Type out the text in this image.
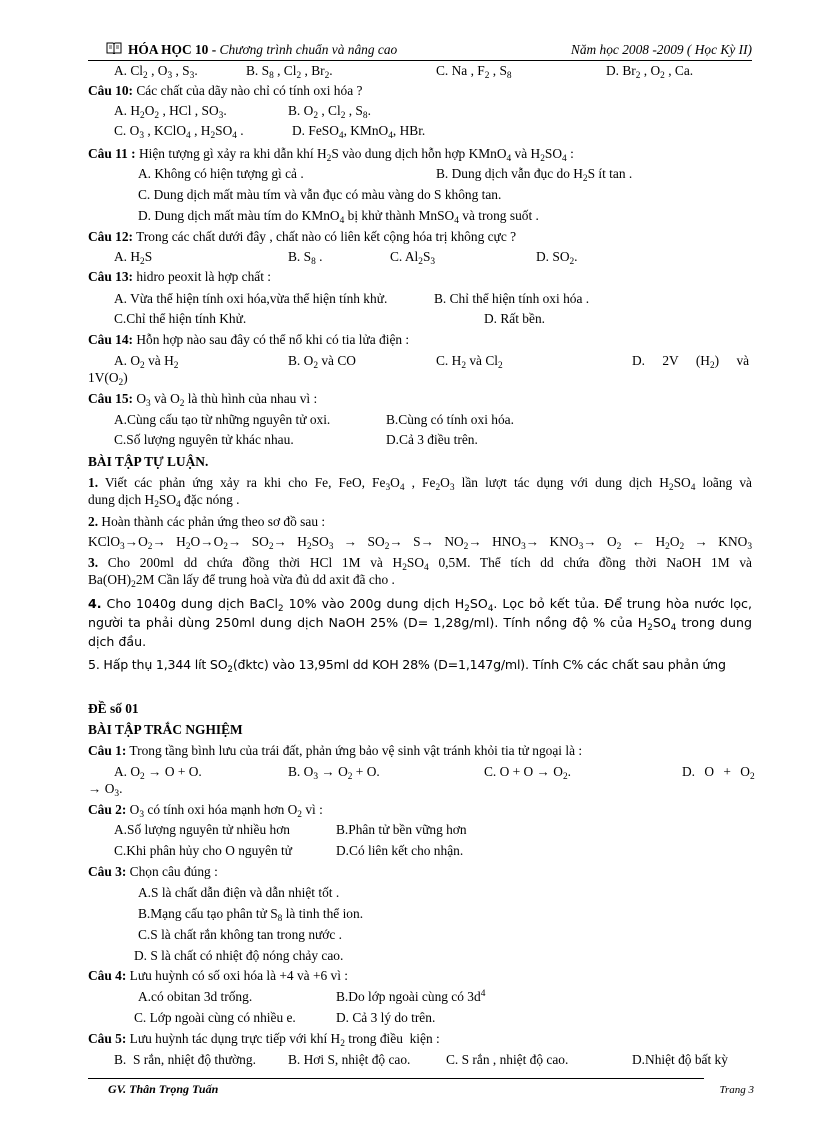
HÓA HỌC 10 - Chương trình chuẩn và nâng cao	Năm học 2008 -2009 ( Học Kỳ II)
A. $Cl_2$ , $O_3$ , $S_3$.	B. $S_8$ , $Cl_2$ , $Br_2$.	C. Na , $F_2$ , $S_8$	D. $Br_2$ , $O_2$ , Ca.
Câu 10: Các chất của dãy nào chỉ có tính oxi hóa ?
A. $H_2O_2$ , HCl , $SO_3$.	B. $O_2$ , $Cl_2$ , $S_8$.
C. $O_3$ , KClO$_4$ , $H_2SO_4$ .	D. FeSO$_4$, KMnO$_4$, HBr.
Câu 11 : Hiện tượng gì xảy ra khi dẫn khí $H_2S$ vào dung dịch hỗn hợp KMnO$_4$ và $H_2SO_4$ :
A. Không có hiện tượng gì cả .	B. Dung dịch vẫn đục do $H_2S$ ít tan .
C. Dung dịch mất màu tím và vẫn đục có màu vàng do S không tan.
D. Dung dịch mất màu tím do KMnO$_4$ bị khử thành MnSO$_4$ và trong suốt .
Câu 12: Trong các chất dưới đây , chất nào có liên kết cộng hóa trị không cực ?
A. $H_2S$	B. $S_8$ .	C. $Al_2S_3$	D. $SO_2$.
Câu 13: hidro peoxit là hợp chất :
A. Vừa thể hiện tính oxi hóa,vừa thể hiện tính khử.	B. Chỉ thể hiện tính oxi hóa .
C.Chỉ thể hiện tính Khử.	D. Rất bền.
Câu 14: Hỗn hợp nào sau đây có thể nổ khi có tia lửa điện :
A. $O_2$ và $H_2$	B. $O_2$ và CO	C. $H_2$ và $Cl_2$	D. 2V $(H_2)$ và
$1V(O_2)$
Câu 15: $O_3$ và $O_2$ là thù hình của nhau vì :
A.Cùng cấu tạo từ những nguyên tử oxi.	B.Cùng có tính oxi hóa.
C.Số lượng nguyên tử khác nhau.	D.Cả 3 điều trên.
BÀI TẬP TỰ LUẬN.
1. Viết các phản ứng xảy ra khi cho Fe, FeO, $Fe_3O_4$ , $Fe_2O_3$ lần lượt tác dụng với dung dịch $H_2SO_4$ loãng và
dung dịch $H_2SO_4$ đặc nóng .
2. Hoàn thành các phản ứng theo sơ đồ sau :
$KClO_3\to O_2\to H_2O\to O_2\to SO_2\to H_2SO_3 \to SO_2\to S\to NO_2\to HNO_3\to KNO_3\to O_2$ ← $H_2O_2 \to KNO_3$
3. Cho 200ml dd chứa đồng thời HCl 1M và $H_2SO_4$ 0,5M. Thể tích dd chứa đồng thời NaOH 1M và
$Ba(OH)_22M$ Cần lấy để trung hoà vừa đủ dd axit đã cho .
4. Cho 1040g dung dịch BaCl$_2$ 10% vào 200g dung dịch $H_2SO_4$. Lọc bỏ kết tủa. Để trung hòa nước lọc,
người ta phải dùng 250ml dung dịch NaOH 25% (D= 1,28g/ml). Tính nồng độ % của $H_2SO_4$ trong dung
dịch đầu.
5. Hấp thụ 1,344 lít $SO_2(đktc)$ vào 13,95ml dd KOH 28% (D=1,147g/ml). Tính C% các chất sau phản ứng
ĐỀ số 01
BÀI TẬP TRẮC NGHIỆM
Câu 1: Trong tầng bình lưu của trái đất, phản ứng bảo vệ sinh vật tránh khỏi tia tử ngoại là :
A. $O_2 \to O + O$.	B. $O_3 \to O_2 + O$.	C. $O + O \to O_2$.	D. $O + O_2$
→ $O_3$.
Câu 2: $O_3$ có tính oxi hóa mạnh hơn $O_2$ vì :
A.Số lượng nguyên tử nhiều hơn	B.Phân tử bền vững hơn
C.Khi phân hủy cho O nguyên tử	D.Có liên kết cho nhận.
Câu 3: Chọn câu đúng :
A.S là chất dẫn điện và dẫn nhiệt tốt .
B.Mạng cấu tạo phân tử $S_8$ là tinh thể ion.
C.S là chất rắn không tan trong nước .
D. S là chất có nhiệt độ nóng chảy cao.
Câu 4: Lưu huỳnh có số oxi hóa là +4 và +6 vì :
A.có obitan 3d trống.	B.Do lớp ngoài cùng có $3d^4$
C. Lớp ngoài cùng có nhiều e.	D. Cả 3 lý do trên.
Câu 5: Lưu huỳnh tác dụng trực tiếp với khí $H_2$ trong điều  kiện :
B.  S rắn, nhiệt độ thường. B. Hơi S, nhiệt độ cao.	C. S rắn , nhiệt độ cao.	D.Nhiệt độ bất kỳ
GV. Thân Trọng Tuấn	Trang 3
